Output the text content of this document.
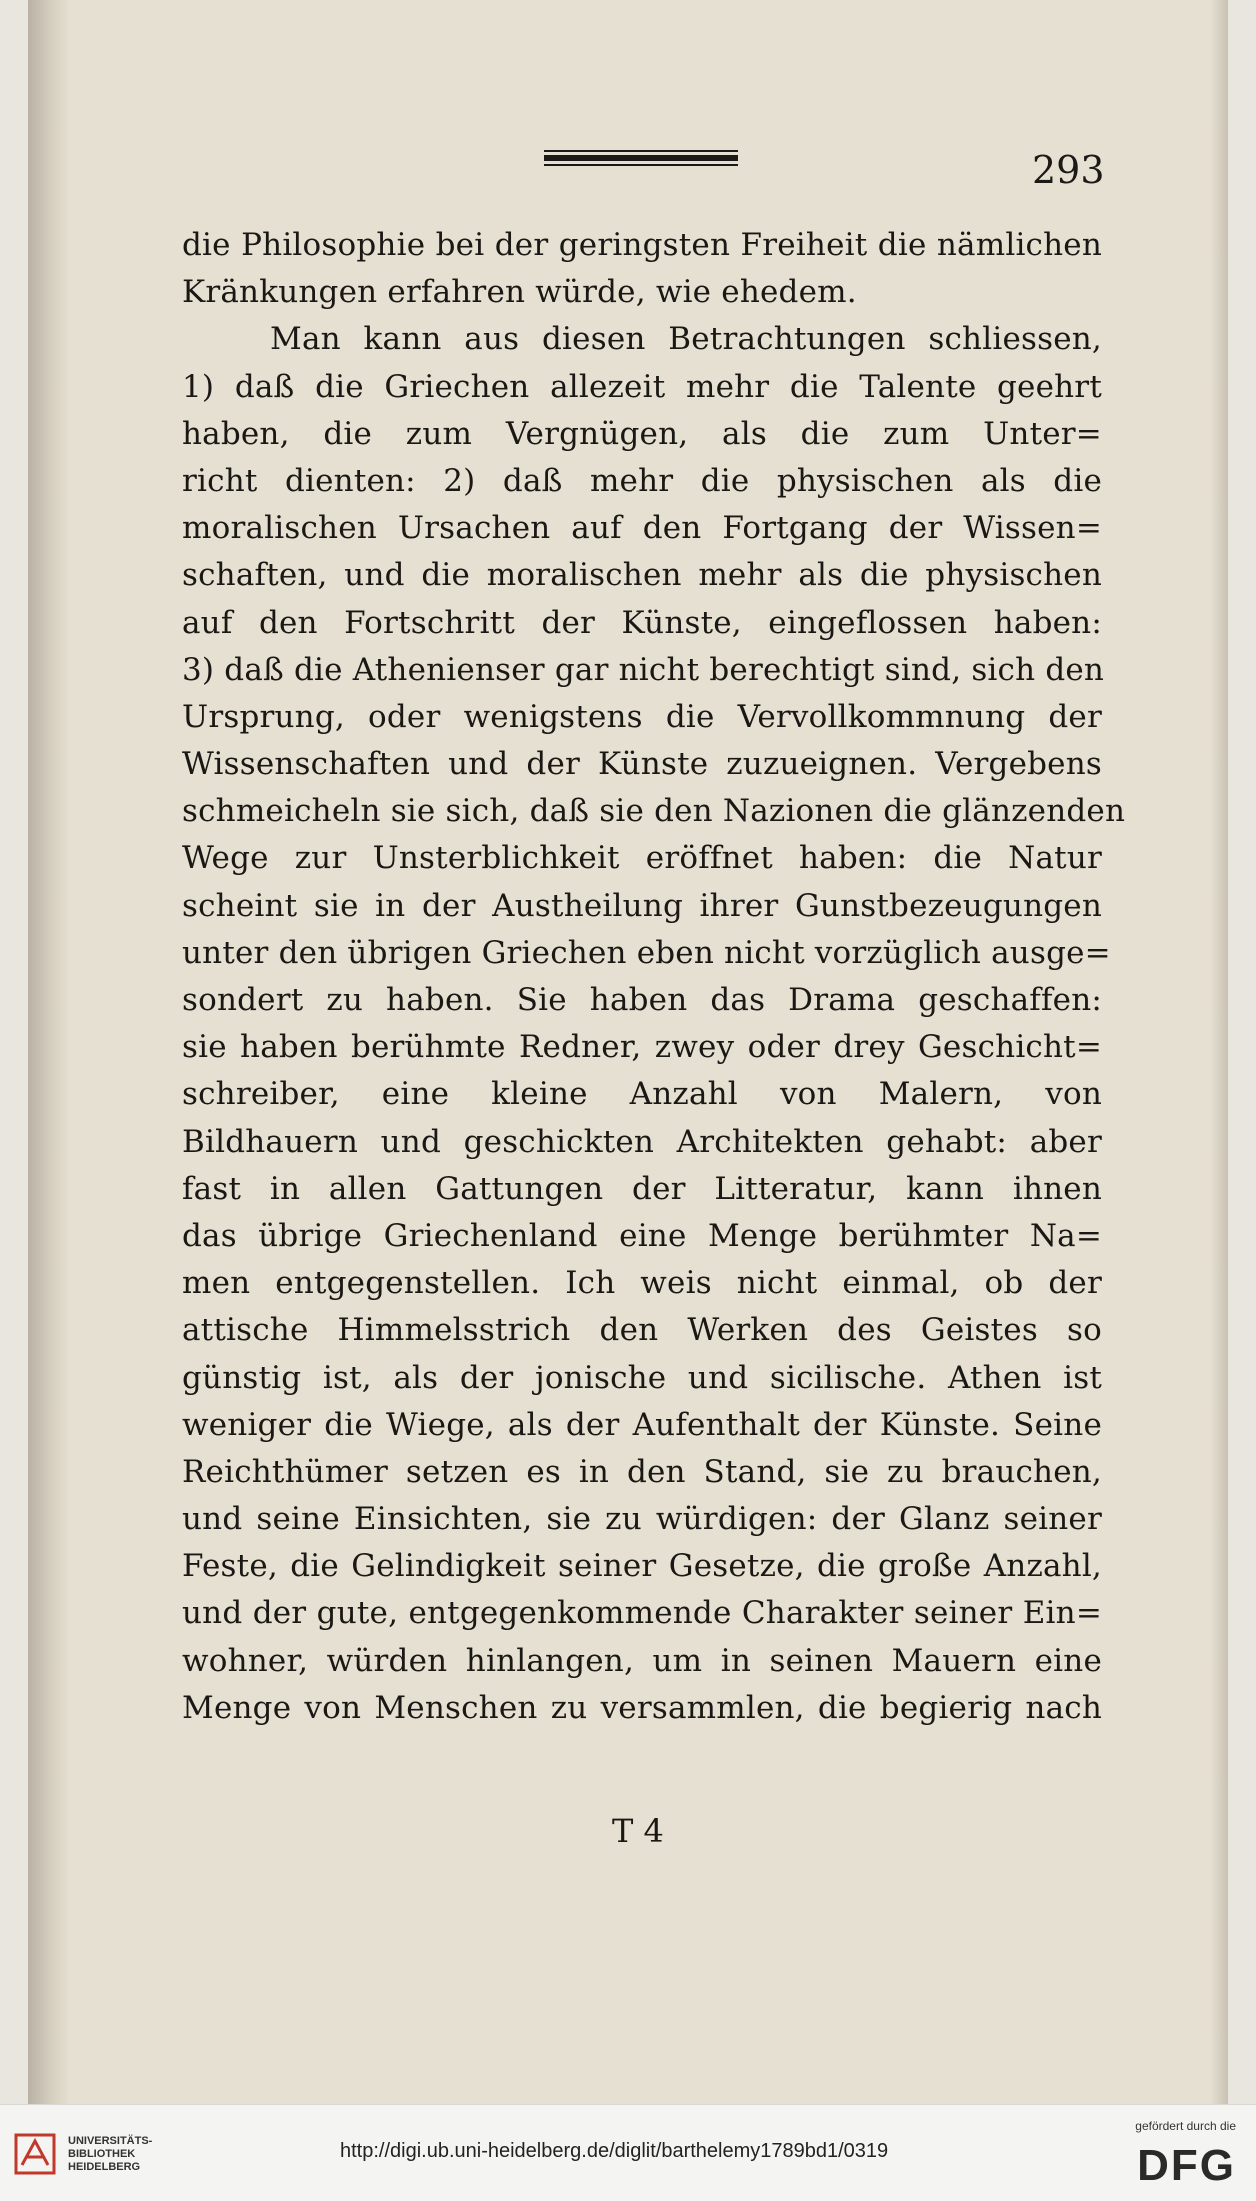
293
die Philosophie bei der geringsten Freiheit die nämlichen
Kränkungen erfahren würde, wie ehedem.
Man kann aus diesen Betrachtungen schliessen,
1) daß die Griechen allezeit mehr die Talente geehrt
haben, die zum Vergnügen, als die zum Unter=
richt dienten: 2) daß mehr die physischen als die
moralischen Ursachen auf den Fortgang der Wissen=
schaften, und die moralischen mehr als die physischen
auf den Fortschritt der Künste, eingeflossen haben:
3) daß die Athenienser gar nicht berechtigt sind, sich den
Ursprung, oder wenigstens die Vervollkommnung der
Wissenschaften und der Künste zuzueignen. Vergebens
schmeicheln sie sich, daß sie den Nazionen die glänzenden
Wege zur Unsterblichkeit eröffnet haben: die Natur
scheint sie in der Austheilung ihrer Gunstbezeugungen
unter den übrigen Griechen eben nicht vorzüglich ausge=
sondert zu haben. Sie haben das Drama geschaffen:
sie haben berühmte Redner, zwey oder drey Geschicht=
schreiber, eine kleine Anzahl von Malern, von
Bildhauern und geschickten Architekten gehabt: aber
fast in allen Gattungen der Litteratur, kann ihnen
das übrige Griechenland eine Menge berühmter Na=
men entgegenstellen. Ich weis nicht einmal, ob der
attische Himmelsstrich den Werken des Geistes so
günstig ist, als der jonische und sicilische. Athen ist
weniger die Wiege, als der Aufenthalt der Künste. Seine
Reichthümer setzen es in den Stand, sie zu brauchen,
und seine Einsichten, sie zu würdigen: der Glanz seiner
Feste, die Gelindigkeit seiner Gesetze, die große Anzahl,
und der gute, entgegenkommende Charakter seiner Ein=
wohner, würden hinlangen, um in seinen Mauern eine
Menge von Menschen zu versammlen, die begierig nach
T 4
UNIVERSITÄTS-
BIBLIOTHEK
HEIDELBERG
http://digi.ub.uni-heidelberg.de/diglit/barthelemy1789bd1/0319
gefördert durch die
DFG
